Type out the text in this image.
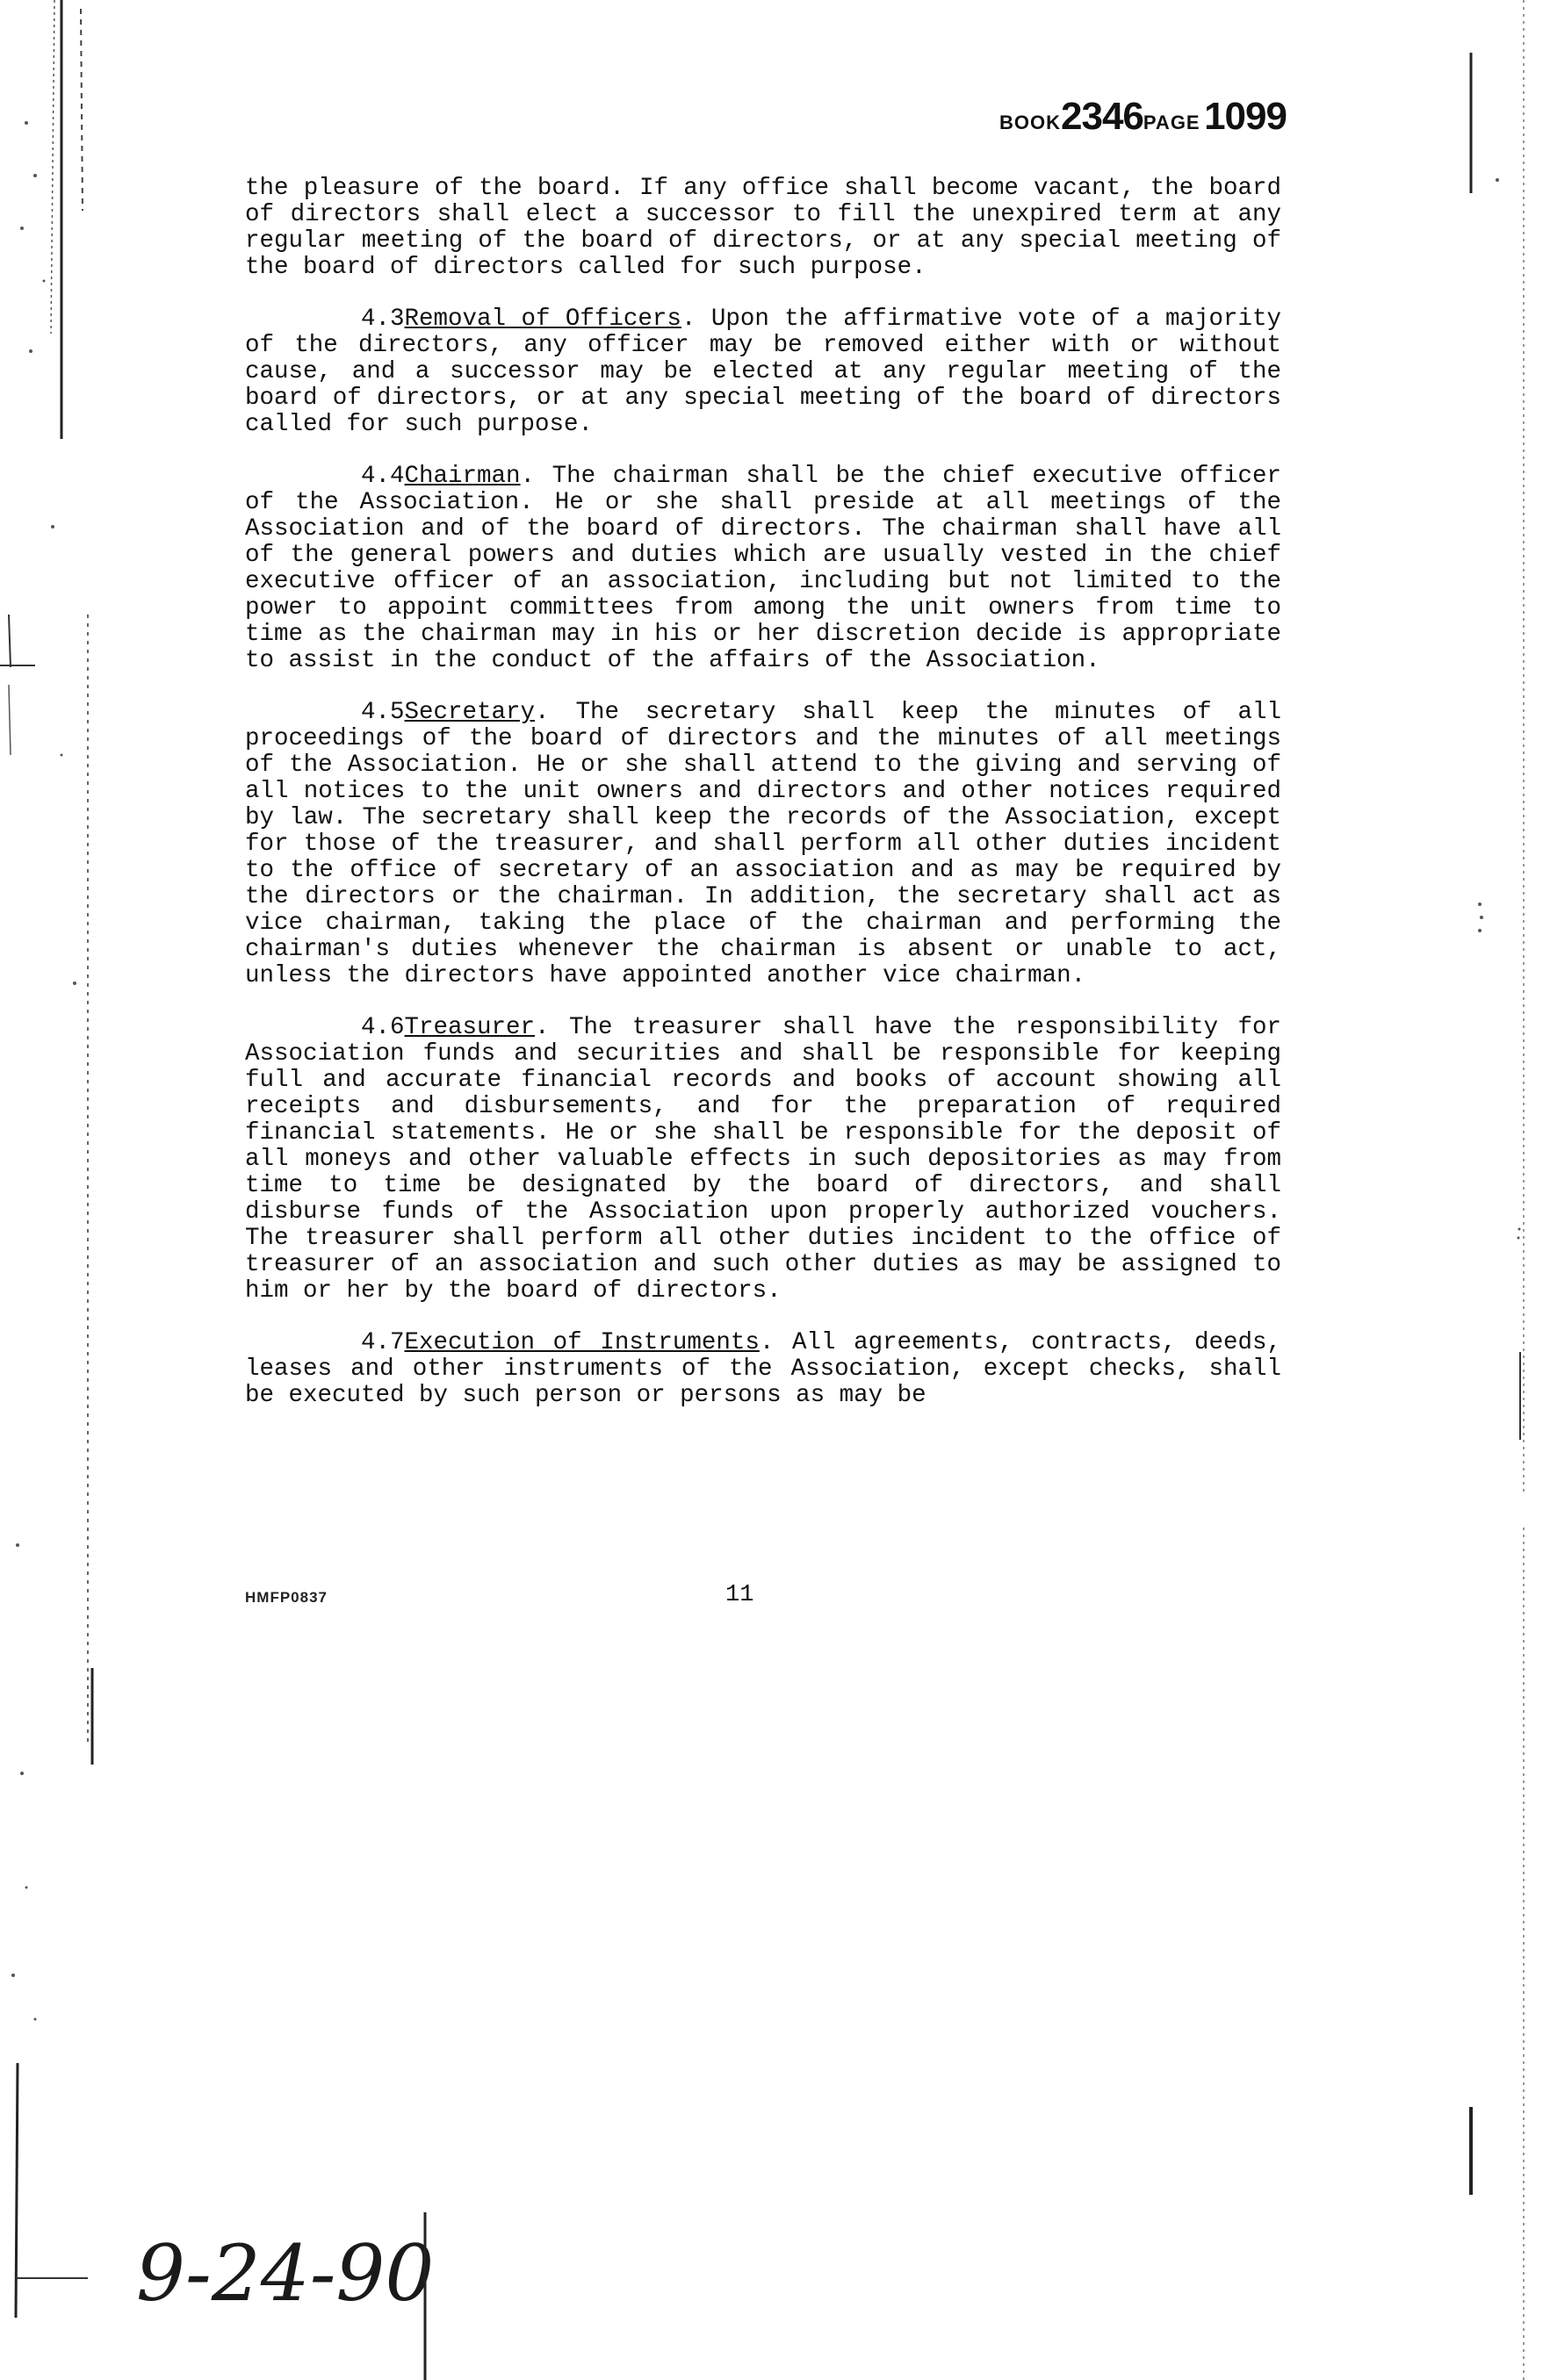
BOOK2346PAGE 1099

the pleasure of the board. If any office shall become vacant, the board of directors shall elect a successor to fill the unexpired term at any regular meeting of the board of directors, or at any special meeting of the board of directors called for such purpose.

4.3Removal of Officers. Upon the affirmative vote of a majority of the directors, any officer may be removed either with or without cause, and a successor may be elected at any regular meeting of the board of directors, or at any special meeting of the board of directors called for such purpose.

4.4Chairman. The chairman shall be the chief executive officer of the Association. He or she shall preside at all meetings of the Association and of the board of directors. The chairman shall have all of the general powers and duties which are usually vested in the chief executive officer of an association, including but not limited to the power to appoint committees from among the unit owners from time to time as the chairman may in his or her discretion decide is appropriate to assist in the conduct of the affairs of the Association.

4.5Secretary. The secretary shall keep the minutes of all proceedings of the board of directors and the minutes of all meetings of the Association. He or she shall attend to the giving and serving of all notices to the unit owners and directors and other notices required by law. The secretary shall keep the records of the Association, except for those of the treasurer, and shall perform all other duties incident to the office of secretary of an association and as may be required by the directors or the chairman. In addition, the secretary shall act as vice chairman, taking the place of the chairman and performing the chairman's duties whenever the chairman is absent or unable to act, unless the directors have appointed another vice chairman.

4.6Treasurer. The treasurer shall have the responsibility for Association funds and securities and shall be responsible for keeping full and accurate financial records and books of account showing all receipts and disbursements, and for the preparation of required financial statements. He or she shall be responsible for the deposit of all moneys and other valuable effects in such depositories as may from time to time be designated by the board of directors, and shall disburse funds of the Association upon properly authorized vouchers. The treasurer shall perform all other duties incident to the office of treasurer of an association and such other duties as may be assigned to him or her by the board of directors.

4.7Execution of Instruments. All agreements, contracts, deeds, leases and other instruments of the Association, except checks, shall be executed by such person or persons as may be

HMFP0837	11
9-24-90
